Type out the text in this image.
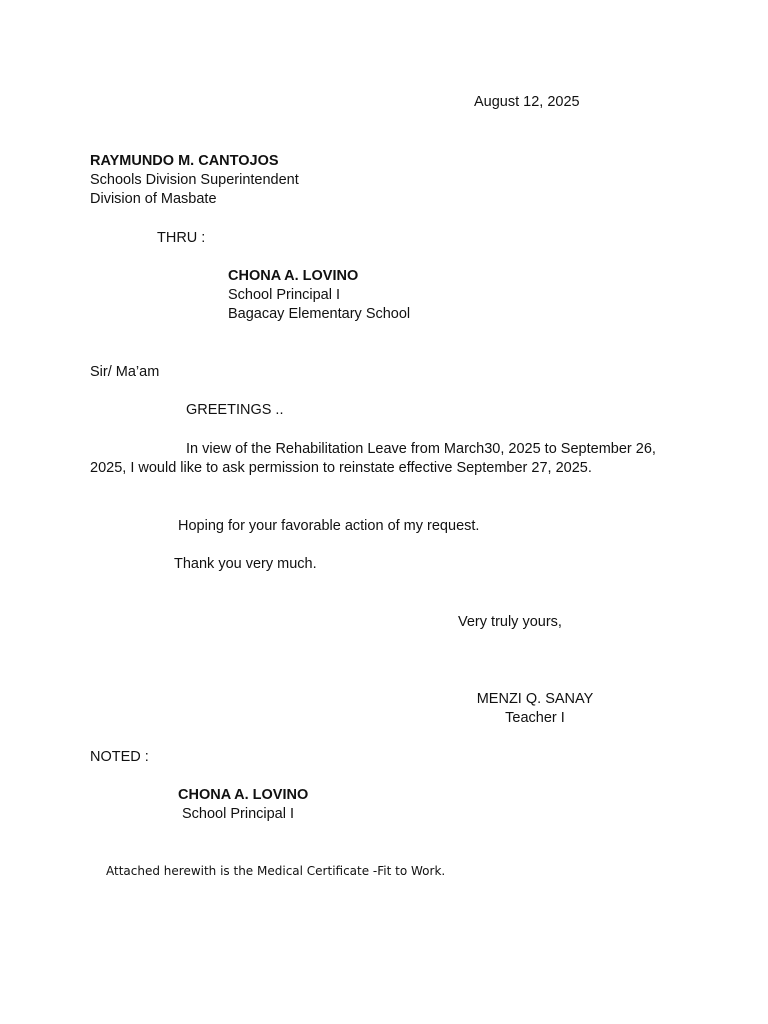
August 12, 2025
RAYMUNDO M. CANTOJOS
Schools Division Superintendent
Division of Masbate
THRU :
CHONA A. LOVINO
School Principal I
Bagacay Elementary School
Sir/ Ma’am
GREETINGS ..
In view of the Rehabilitation Leave from March30, 2025 to September 26, 2025, I would like to ask permission to reinstate effective September 27, 2025.
Hoping for your favorable action of my request.
Thank you very much.
Very truly yours,
MENZI Q. SANAY
Teacher I
NOTED :
CHONA A. LOVINO
School Principal I
Attached herewith is the Medical Certificate -Fit to Work.
